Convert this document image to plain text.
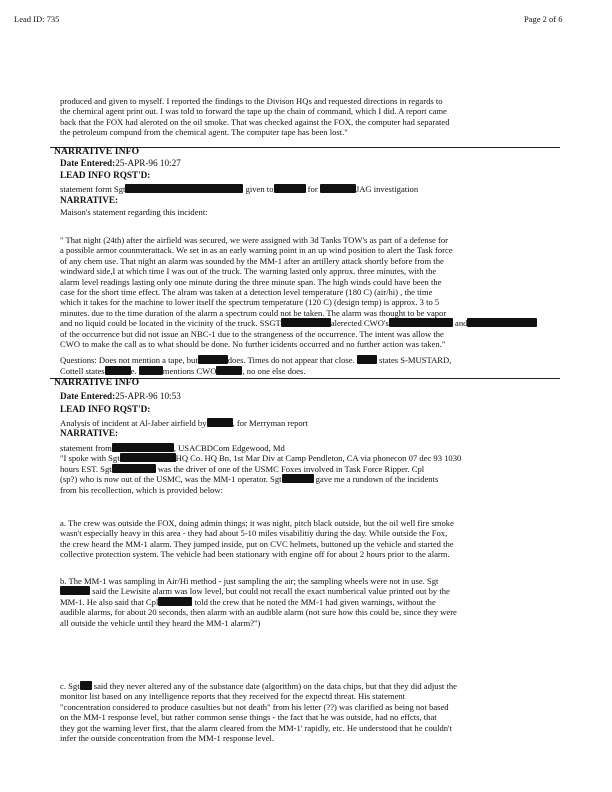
Lead ID: 735	Page 2 of 6
produced and given to myself. I reported the findings to the Divison HQs and requested directions in regards to
the chemical agent print out. I was told to forward the tape up the chain of command, which I did. A report came
back that the FOX had aleroted on the oil smoke. That was checked against the FOX, the computer had separated
the petroleum compund from the chemical agent. The computer tape has been lost."
NARRATIVE INFO
Date Entered:25-APR-96 10:27
LEAD INFO RQST'D:
statement form Sgt	given to	for	JAG investigation
NARRATIVE:
Maison's statement regarding this incident:
" That night (24th) after the airfield was secured, we were assigned with 3d Tanks TOW's as part of a defense for
a possible armor counmterattack. We set in as an early warning point in an up wind position to alert the Task force
of any chem use. That night an alarm was sounded by the MM-1 after an artillery attack shortly before from the
windward side,I at which time I was out of the truck. The warning lasted only approx. three minutes, with the
alarm level readings lasting only one minute during the three minute span. The high winds could have been the
case for the short time effect. The alram was taken at a detection level temperature (180 C) (air/hi) , the time
which it takes for the machine to lower itself the spectrum temperature (120 C) (design temp) is approx. 3 to 5
minutes. due to the time duration of the alarm a spectrum could not be taken. The alarm was thought to be vapor
and no liquid could be located in the vicinity of the truck. SSGT	alerected CWO's	and
of the occurrence but did not issue an NBC-1 due to the strangeness of the occurrence. The intent was allow the
CWO to make the call as to what should be done. No further icidents occurred and no further action was taken."
Questions: Does not mention a tape, but	does. Times do not appear that close.	states S-MUSTARD,
Cottell states	e.	mentions CWO	, no one else does.
NARRATIVE INFO
Date Entered:25-APR-96 10:53
LEAD INFO RQST'D:
Analysis of incident at Al-Jaber airfield by	, for Merryman report
NARRATIVE:
statement from	, USACBDCom Edgewood, Md
"I spoke with Sgt	HQ Co. HQ Bn, 1st Mar Div at Camp Pendleton, CA via phonecon 07 dec 93 1030
hours EST. Sgt	was the driver of one of the USMC Foxes involved in Task Force Ripper. Cpl
(sp?) who is now out of the USMC, was the MM-1 operator. Sgt	gave me a rundown of the incidents
from his recollection, which is provided below:
a. The crew was outside the FOX, doing admin things; it was night, pitch black outside, but the oil well fire smoke
wasn't especially heavy in this area - they had about 5-10 miles visabilitiy during the day. While outside the Fox,
the crew heard the MM-1 alarm. They jumped inside, put on CVC helmets, buttoned up the vehicle and started the
collective protection system. The vehicle had been stationary with engine off for about 2 hours prior to the alarm.
b. The MM-1 was sampling in Air/Hi method - just sampling the air; the sampling wheels were not in use. Sgt
said the Lewisite alarm was low level, but could not recall the exact numberical value printed out by the
MM-1. He also said that Cpl	told the crew that he noted the MM-1 had given warnings, without the
audible alarms, for about 20 seconds, then alarm with an audible alarm (not sure how this could be, since they were
all outside the vehicle until they heard the MM-1 alarm?")
c. Sgt said they never altered any of the substance date (algorithm) on the data chips, but that they did adjust the
monitor list based on any intelligence reports that they received for the expectd threat. His statement
"concentration considered to produce casulties but not death" from his letter (??) was clarified as being not based
on the MM-1 response level, but rather common sense things - the fact that he was outside, had no effcts, that
they got the warning lever first, that the alarm cleared from the MM-1' rapidly, etc. He understood that he couldn't
infer the outside concentration from the MM-1 response level.
